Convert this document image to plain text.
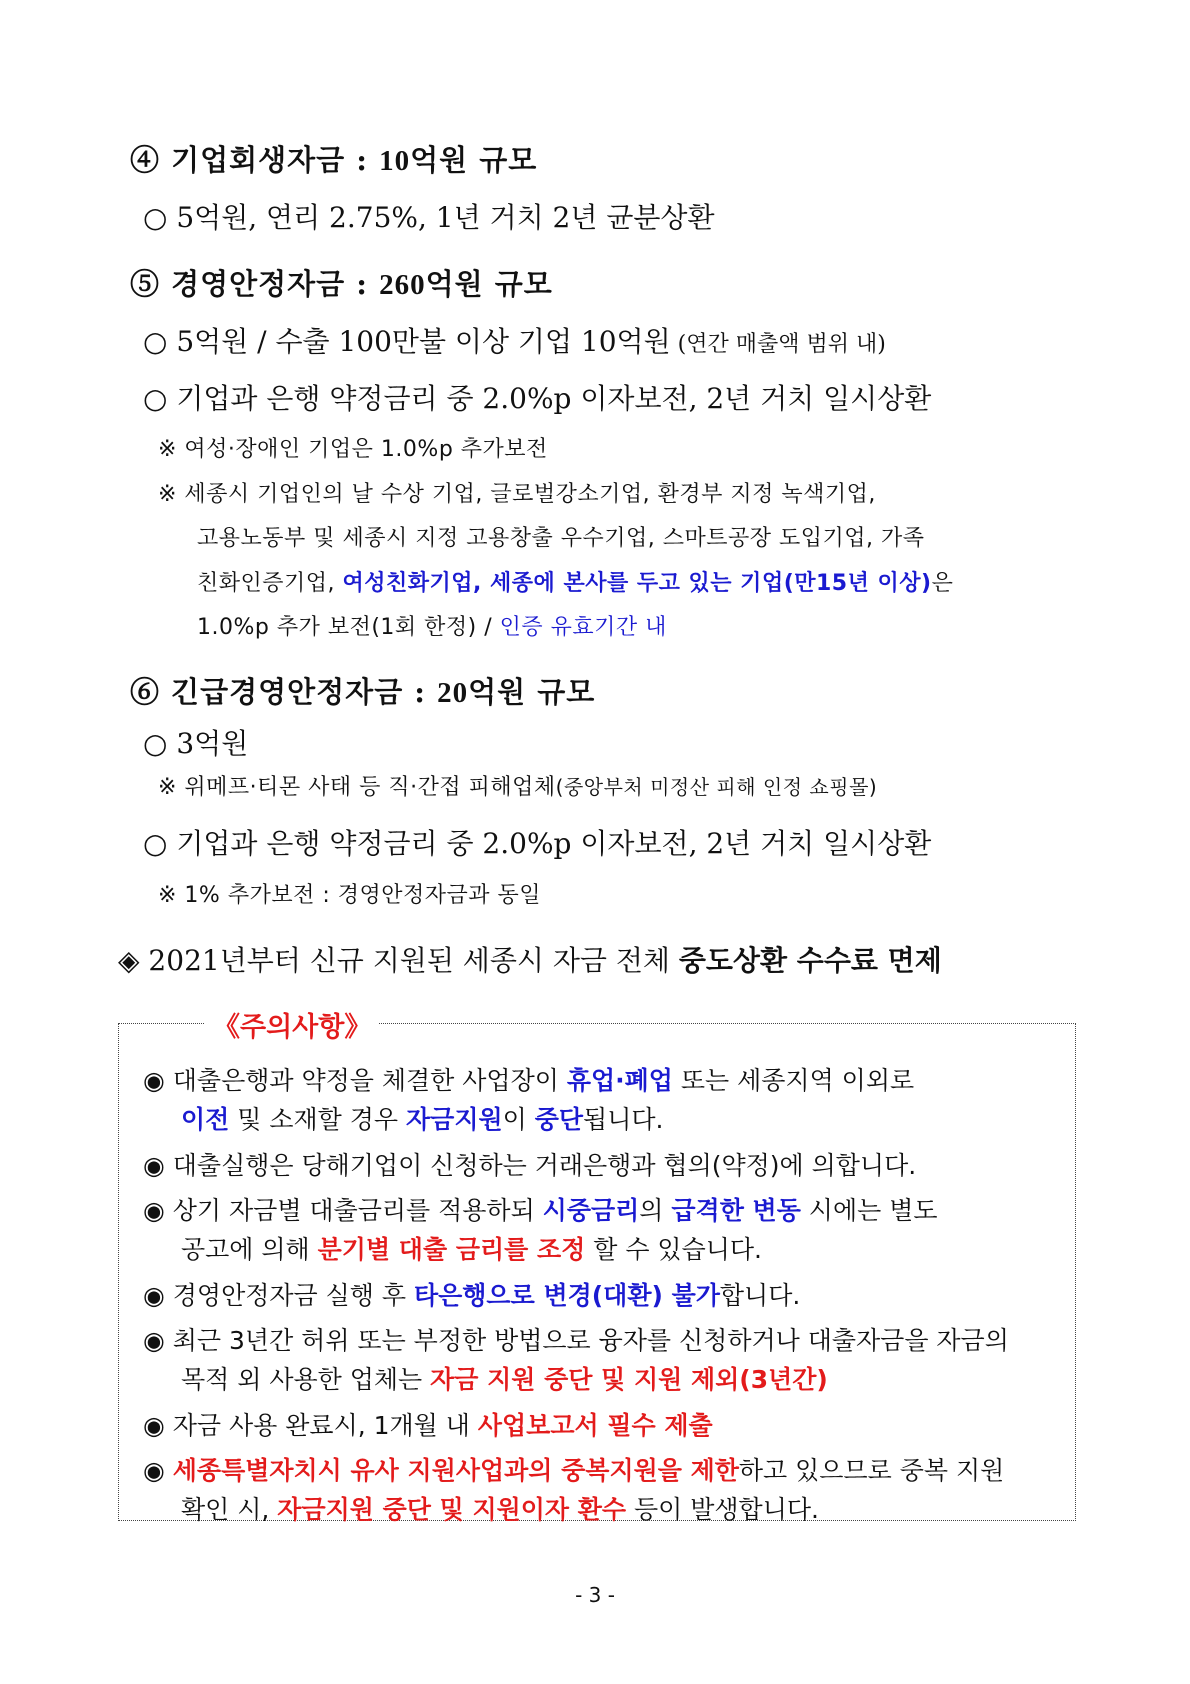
④ 기업회생자금 : 10억원 규모
○ 5억원, 연리 2.75%, 1년 거치 2년 균분상환
⑤ 경영안정자금 : 260억원 규모
○ 5억원 / 수출 100만불 이상 기업 10억원 (연간 매출액 범위 내)
○ 기업과 은행 약정금리 중 2.0%p 이자보전, 2년 거치 일시상환
※ 여성·장애인 기업은 1.0%p 추가보전
※ 세종시 기업인의 날 수상 기업, 글로벌강소기업, 환경부 지정 녹색기업,
고용노동부 및 세종시 지정 고용창출 우수기업, 스마트공장 도입기업, 가족
친화인증기업, 여성친화기업, 세종에 본사를 두고 있는 기업(만15년 이상)은
1.0%p 추가 보전(1회 한정) / 인증 유효기간 내
⑥ 긴급경영안정자금 : 20억원 규모
○ 3억원
※ 위메프·티몬 사태 등 직·간접 피해업체(중앙부처 미정산 피해 인정 쇼핑몰)
○ 기업과 은행 약정금리 중 2.0%p 이자보전, 2년 거치 일시상환
※ 1% 추가보전 : 경영안정자금과 동일
◈ 2021년부터 신규 지원된 세종시 자금 전체 중도상환 수수료 면제
《주의사항》
◉ 대출은행과 약정을 체결한 사업장이 휴업·폐업 또는 세종지역 이외로
이전 및 소재할 경우 자금지원이 중단됩니다.
◉ 대출실행은 당해기업이 신청하는 거래은행과 협의(약정)에 의합니다.
◉ 상기 자금별 대출금리를 적용하되 시중금리의 급격한 변동 시에는 별도
공고에 의해 분기별 대출 금리를 조정 할 수 있습니다.
◉ 경영안정자금 실행 후 타은행으로 변경(대환) 불가합니다.
◉ 최근 3년간 허위 또는 부정한 방법으로 융자를 신청하거나 대출자금을 자금의
목적 외 사용한 업체는 자금 지원 중단 및 지원 제외(3년간)
◉ 자금 사용 완료시, 1개월 내 사업보고서 필수 제출
◉ 세종특별자치시 유사 지원사업과의 중복지원을 제한하고 있으므로 중복 지원
확인 시, 자금지원 중단 및 지원이자 환수 등이 발생합니다.
- 3 -
